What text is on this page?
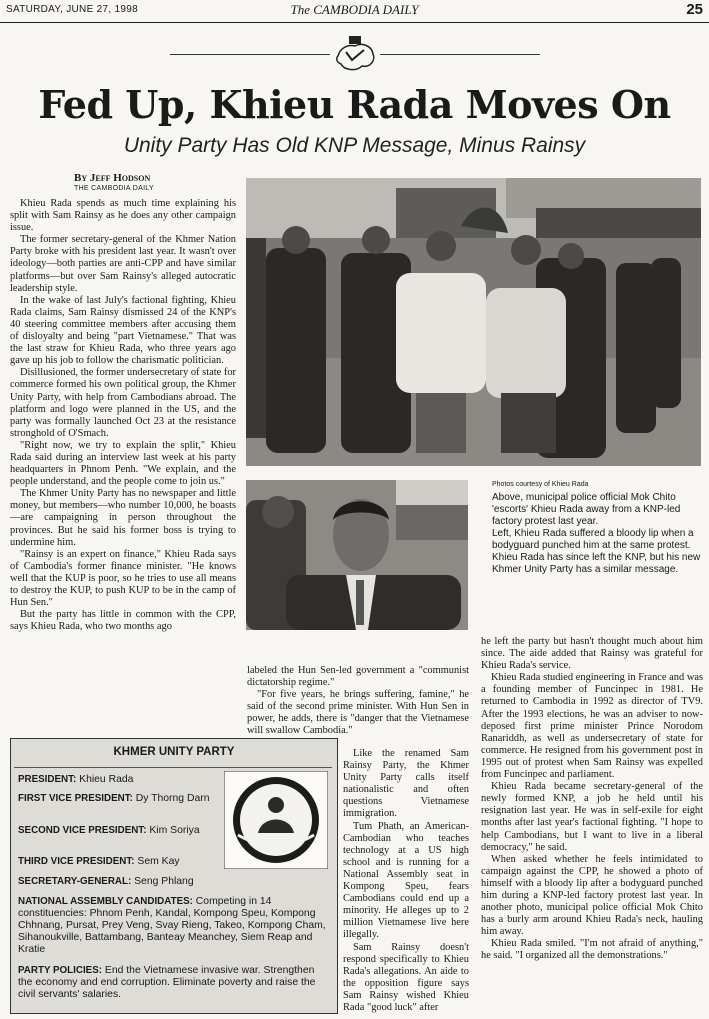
SATURDAY, JUNE 27, 1998	The CAMBODIA DAILY	25
Fed Up, Khieu Rada Moves On
Unity Party Has Old KNP Message, Minus Rainsy
By Jeff Hodson
THE CAMBODIA DAILY

Khieu Rada spends as much time explaining his split with Sam Rainsy as he does any other campaign issue.

The former secretary-general of the Khmer Nation Party broke with his president last year. It wasn't over ideology—both parties are anti-CPP and have similar platforms—but over Sam Rainsy's alleged autocratic leadership style.

In the wake of last July's factional fighting, Khieu Rada claims, Sam Rainsy dismissed 24 of the KNP's 40 steering committee members after accusing them of disloyalty and being "part Vietnamese." That was the last straw for Khieu Rada, who three years ago gave up his job to follow the charismatic politician.

Disillusioned, the former undersecretary of state for commerce formed his own political group, the Khmer Unity Party, with help from Cambodians abroad. The platform and logo were planned in the US, and the party was formally launched Oct 23 at the resistance stronghold of O'Smach.

"Right now, we try to explain the split," Khieu Rada said during an interview last week at his party headquarters in Phnom Penh. "We explain, and the people understand, and the people come to join us."

The Khmer Unity Party has no newspaper and little money, but members—who number 10,000, he boasts—are campaigning in person throughout the provinces. But he said his former boss is trying to undermine him.

"Rainsy is an expert on finance," Khieu Rada says of Cambodia's former finance minister. "He knows well that the KUP is poor, so he tries to use all means to destroy the KUP, to push KUP to be in the camp of Hun Sen."

But the party has little in common with the CPP, says Khieu Rada, who two months ago

Photos courtesy of Khieu Rada

Above, municipal police official Mok Chito 'escorts' Khieu Rada away from a KNP-led factory protest last year.

Left, Khieu Rada suffered a bloody lip when a bodyguard punched him at the same protest. Khieu Rada has since left the KNP, but his new Khmer Unity Party has a similar message.

labeled the Hun Sen-led government a "communist dictatorship regime."

"For five years, he brings suffering, famine," he said of the second prime minister. With Hun Sen in power, he adds, there is "danger that the Vietnamese will swallow Cambodia."

Like the renamed Sam Rainsy Party, the Khmer Unity Party calls itself nationalistic and often questions Vietnamese immigration.

Tum Phath, an American-Cambodian who teaches technology at a US high school and is running for a National Assembly seat in Kompong Speu, fears Cambodians could end up a minority. He alleges up to 2 million Vietnamese live here illegally.

Sam Rainsy doesn't respond specifically to Khieu Rada's allegations. An aide to the opposition figure says Sam Rainsy wished Khieu Rada "good luck" after

he left the party but hasn't thought much about him since. The aide added that Rainsy was grateful for Khieu Rada's service.

Khieu Rada studied engineering in France and was a founding member of Funcinpec in 1981. He returned to Cambodia in 1992 as director of TV9. After the 1993 elections, he was an adviser to now-deposed first prime minister Prince Norodom Ranariddh, as well as undersecretary of state for commerce. He resigned from his government post in 1995 out of protest when Sam Rainsy was expelled from Funcinpec and parliament.

Khieu Rada became secretary-general of the newly formed KNP, a job he held until his resignation last year. He was in self-exile for eight months after last year's factional fighting. "I hope to help Cambodians, but I want to live in a liberal democracy," he said.

When asked whether he feels intimidated to campaign against the CPP, he showed a photo of himself with a bloody lip after a bodyguard punched him during a KNP-led factory protest last year. In another photo, municipal police official Mok Chito has a burly arm around Khieu Rada's neck, hauling him away.

Khieu Rada smiled. "I'm not afraid of anything," he said. "I organized all the demonstrations."

KHMER UNITY PARTY
PRESIDENT: Khieu Rada
FIRST VICE PRESIDENT: Dy Thorng Darn
SECOND VICE PRESIDENT: Kim Soriya
THIRD VICE PRESIDENT: Sem Kay
SECRETARY-GENERAL: Seng Phlang
NATIONAL ASSEMBLY CANDIDATES: Competing in 14 constituencies: Phnom Penh, Kandal, Kompong Speu, Kompong Chhnang, Pursat, Prey Veng, Svay Rieng, Takeo, Kompong Cham, Sihanoukville, Battambang, Banteay Meanchey, Siem Reap and Kratie
PARTY POLICIES: End the Vietnamese invasive war. Strengthen the economy and end corruption. Eliminate poverty and raise the civil servants' salaries.
